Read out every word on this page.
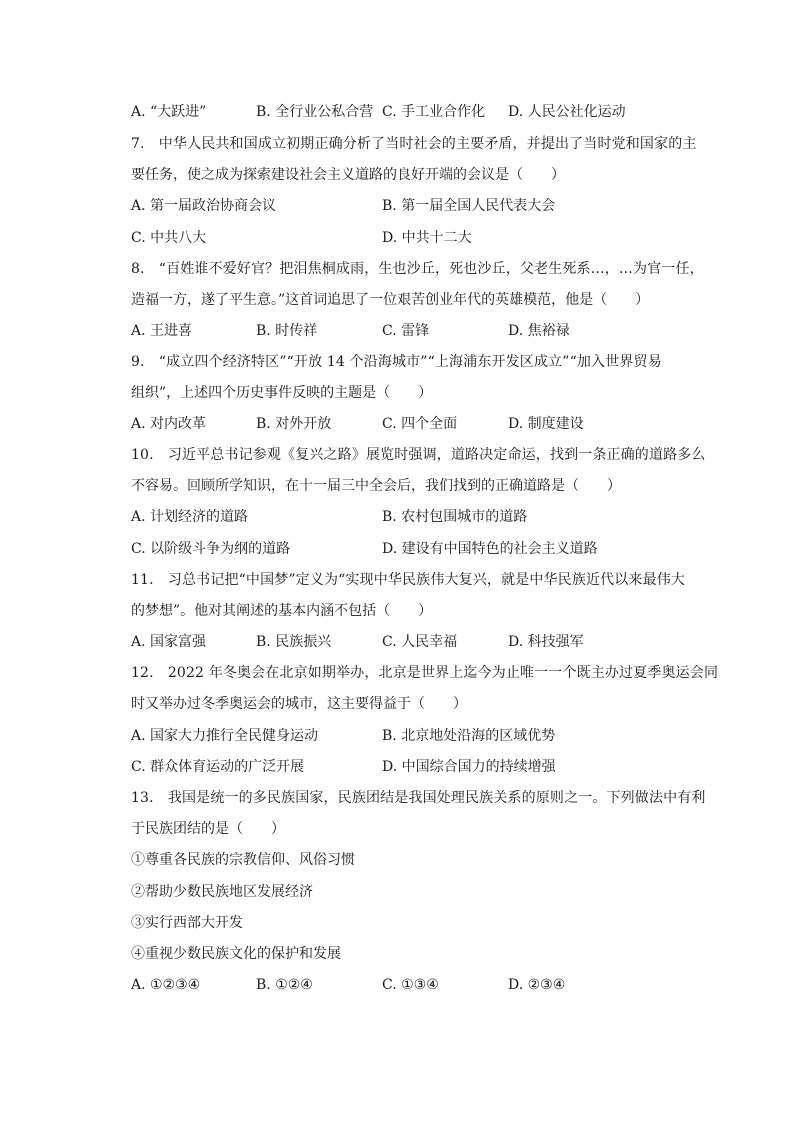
A. “大跃进”	B. 全行业公私合营 C. 手工业合作化 D. 人民公社化运动
7.　中华人民共和国成立初期正确分析了当时社会的主要矛盾，并提出了当时党和国家的主
要任务，使之成为探索建设社会主义道路的良好开端的会议是（　　）
A. 第一届政治协商会议	B. 第一届全国人民代表大会
C. 中共八大	D. 中共十二大
8.　“百姓谁不爱好官？把泪焦桐成雨，生也沙丘，死也沙丘，父老生死系…，…为官一任，
造福一方，遂了平生意。”这首词追思了一位艰苦创业年代的英雄模范，他是（　　）
A. 王进喜	B. 时传祥	C. 雷锋	D. 焦裕禄
9.　“成立四个经济特区”“开放 14 个沿海城市”“上海浦东开发区成立”“加入世界贸易
组织”，上述四个历史事件反映的主题是（　　）
A. 对内改革	B. 对外开放	C. 四个全面	D. 制度建设
10.　习近平总书记参观《复兴之路》展览时强调，道路决定命运，找到一条正确的道路多么
不容易。回顾所学知识，在十一届三中全会后，我们找到的正确道路是（　　）
A. 计划经济的道路	B. 农村包围城市的道路
C. 以阶级斗争为纲的道路	D. 建设有中国特色的社会主义道路
11.　习总书记把“中国梦”定义为“实现中华民族伟大复兴，就是中华民族近代以来最伟大
的梦想”。他对其阐述的基本内涵不包括（　　）
A. 国家富强	B. 民族振兴	C. 人民幸福	D. 科技强军
12.　2022 年冬奥会在北京如期举办，北京是世界上迄今为止唯一一个既主办过夏季奥运会同
时又举办过冬季奥运会的城市，这主要得益于（　　）
A. 国家大力推行全民健身运动	B. 北京地处沿海的区域优势
C. 群众体育运动的广泛开展	D. 中国综合国力的持续增强
13.　我国是统一的多民族国家，民族团结是我国处理民族关系的原则之一。下列做法中有利
于民族团结的是（　　）
①尊重各民族的宗教信仰、风俗习惯
②帮助少数民族地区发展经济
③实行西部大开发
④重视少数民族文化的保护和发展
A. ①②③④	B. ①②④	C. ①③④	D. ②③④
